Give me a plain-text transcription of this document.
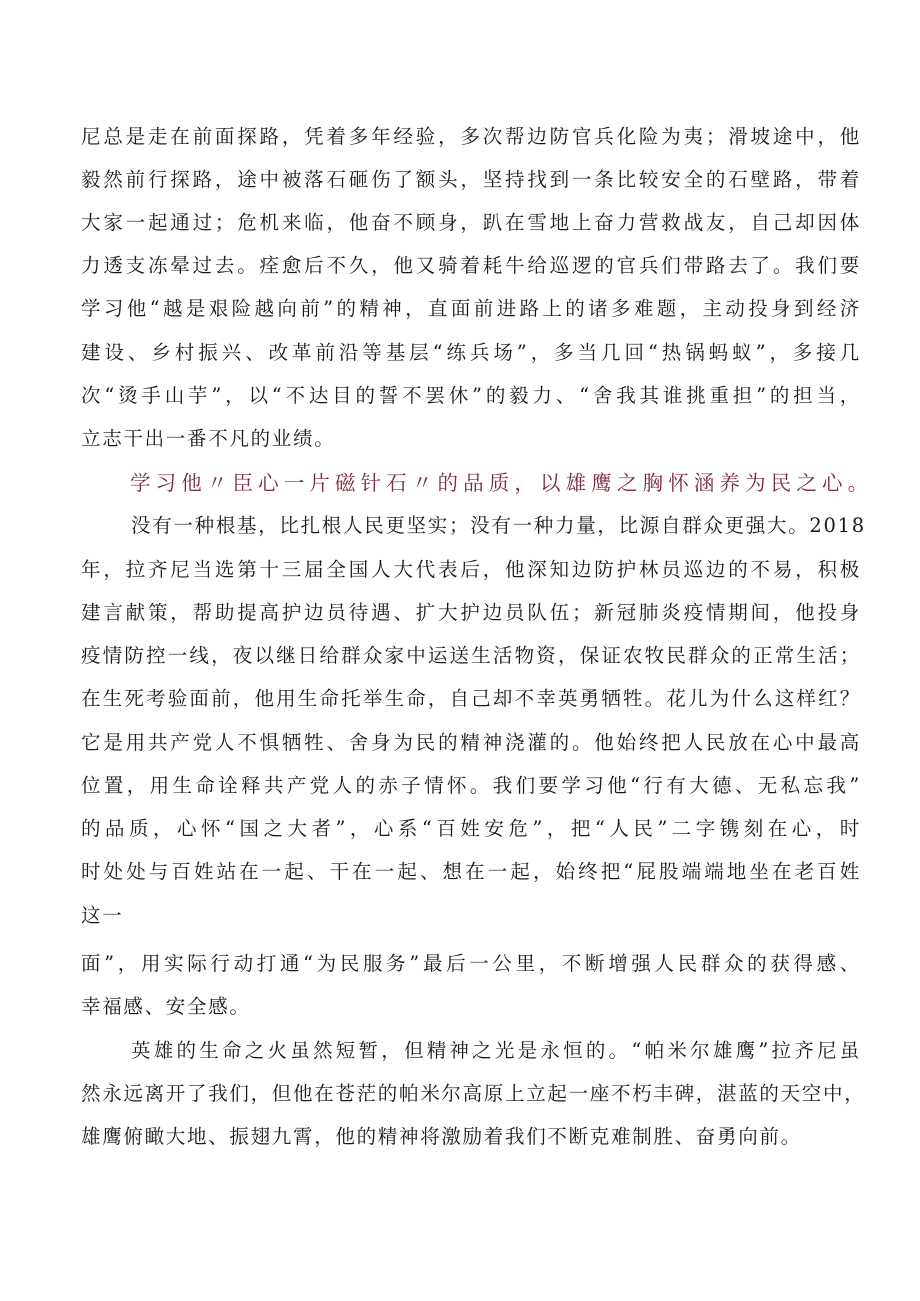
尼总是走在前面探路，凭着多年经验，多次帮边防官兵化险为夷；滑坡途中，他
毅然前行探路，途中被落石砸伤了额头，坚持找到一条比较安全的石壁路，带着
大家一起通过；危机来临，他奋不顾身，趴在雪地上奋力营救战友，自己却因体
力透支冻晕过去。痊愈后不久，他又骑着耗牛给巡逻的官兵们带路去了。我们要
学习他“越是艰险越向前”的精神，直面前进路上的诸多难题，主动投身到经济
建设、乡村振兴、改革前沿等基层“练兵场”，多当几回“热锅蚂蚁”，多接几
次“烫手山芋”，以“不达目的誓不罢休”的毅力、“舍我其谁挑重担”的担当，
立志干出一番不凡的业绩。
学习他〃臣心一片磁针石〃的品质，以雄鹰之胸怀涵养为民之心。
没有一种根基，比扎根人民更坚实；没有一种力量，比源自群众更强大。2018
年，拉齐尼当选第十三届全国人大代表后，他深知边防护林员巡边的不易，积极
建言献策，帮助提高护边员待遇、扩大护边员队伍；新冠肺炎疫情期间，他投身
疫情防控一线，夜以继日给群众家中运送生活物资，保证农牧民群众的正常生活；
在生死考验面前，他用生命托举生命，自己却不幸英勇牺牲。花儿为什么这样红？
它是用共产党人不惧牺牲、舍身为民的精神浇灌的。他始终把人民放在心中最高
位置，用生命诠释共产党人的赤子情怀。我们要学习他“行有大德、无私忘我”
的品质，心怀“国之大者”，心系“百姓安危”，把“人民”二字镌刻在心，时
时处处与百姓站在一起、干在一起、想在一起，始终把“屁股端端地坐在老百姓
这一
面”，用实际行动打通“为民服务”最后一公里，不断增强人民群众的获得感、
幸福感、安全感。
英雄的生命之火虽然短暂，但精神之光是永恒的。“帕米尔雄鹰”拉齐尼虽
然永远离开了我们，但他在苍茫的帕米尔高原上立起一座不朽丰碑，湛蓝的天空中，
雄鹰俯瞰大地、振翅九霄，他的精神将激励着我们不断克难制胜、奋勇向前。
